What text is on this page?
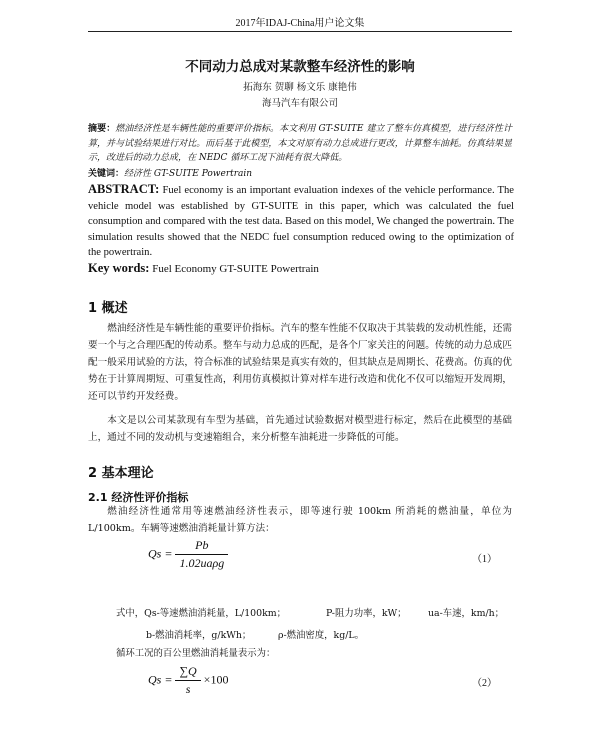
2017年IDAJ-China用户论文集
不同动力总成对某款整车经济性的影响
拓海东 贺聊 杨文乐 康艳伟
海马汽车有限公司
摘要：燃油经济性是车辆性能的重要评价指标。本文利用 GT-SUITE 建立了整车仿真模型，进行经济性计算，并与试验结果进行对比。而后基于此模型，本文对原有动力总成进行更改，计算整车油耗。仿真结果显示，改进后的动力总成，在 NEDC 循环工况下油耗有很大降低。
关键词：经济性 GT-SUITE Powertrain
ABSTRACT: Fuel economy is an important evaluation indexes of the vehicle performance. The vehicle model was established by GT-SUITE in this paper, which was calculated the fuel consumption and compared with the test data. Based on this model, We changed the powertrain. The simulation results showed that the NEDC fuel consumption reduced owing to the optimization of the powertrain.
Key words: Fuel Economy GT-SUITE Powertrain
1 概述
燃油经济性是车辆性能的重要评价指标。汽车的整车性能不仅取决于其装载的发动机性能，还需要一个与之合理匹配的传动系。整车与动力总成的匹配，是各个厂家关注的问题。传统的动力总成匹配一般采用试验的方法，符合标准的试验结果是真实有效的，但其缺点是周期长、花费高。仿真的优势在于计算周期短、可重复性高，利用仿真模拟计算对样车进行改造和优化不仅可以缩短开发周期，还可以节约开发经费。
本文是以公司某款现有车型为基础，首先通过试验数据对模型进行标定，然后在此模型的基础上，通过不同的发动机与变速箱组合，来分析整车油耗进一步降低的可能。
2 基本理论
2.1 经济性评价指标
燃油经济性通常用等速燃油经济性表示，即等速行驶 100km 所消耗的燃油量，单位为 L/100km。车辆等速燃油消耗量计算方法：
$Qs = \frac{Pb}{\text{1.02uaρg}}$	（1）
式中，Qs-等速燃油消耗量，L/100km；	P-阻力功率，kW； ua-车速，km/h；
b-燃油消耗率，g/kWh；	ρ-燃油密度，kg/L。
循环工况的百公里燃油消耗量表示为：
$Qs = \frac{\sum Q}{s} \times 100$	（2）
